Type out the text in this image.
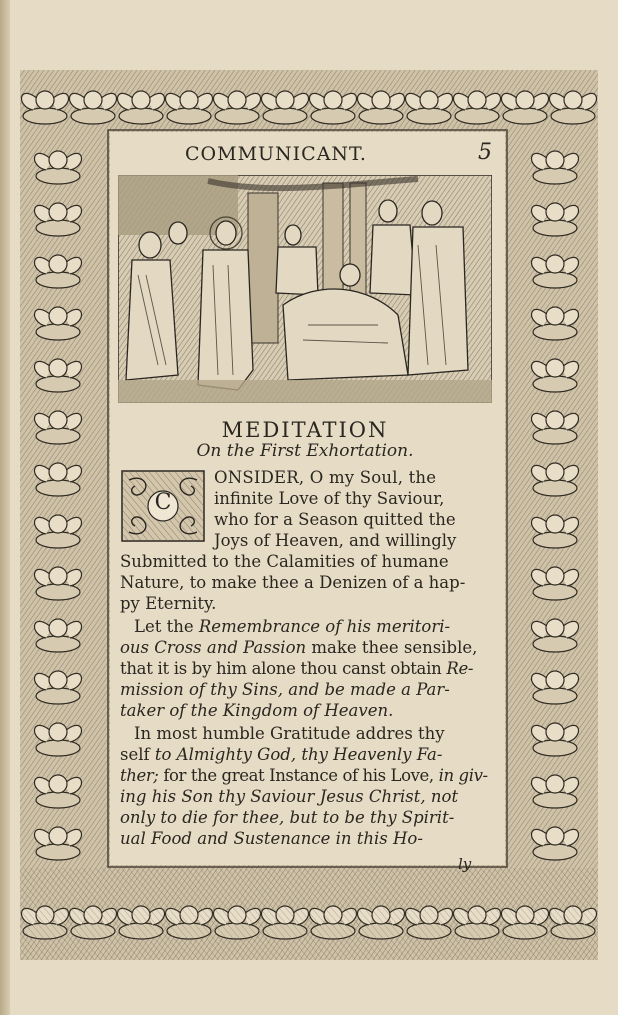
COMMUNICANT.	5
MEDITATION
On the First Exhortation.
C
ONSIDER, O my Soul, the
infinite Love of thy Saviour,
who for a Season quitted the
Joys of Heaven, and willingly
Submitted to the Calamities of humane
Nature, to make thee a Denizen of a hap-
py Eternity.
Let the Remembrance of his meritori-
ous Cross and Passion make thee sensible,
that it is by him alone thou canst obtain Re-
mission of thy Sins, and be made a Par-
taker of the Kingdom of Heaven.
In most humble Gratitude addres thy
self to Almighty God, thy Heavenly Fa-
ther; for the great Instance of his Love, in giv-
ing his Son thy Saviour Jesus Christ, not
only to die for thee, but to be thy Spirit-
ual Food and Sustenance in this Ho-
ly
